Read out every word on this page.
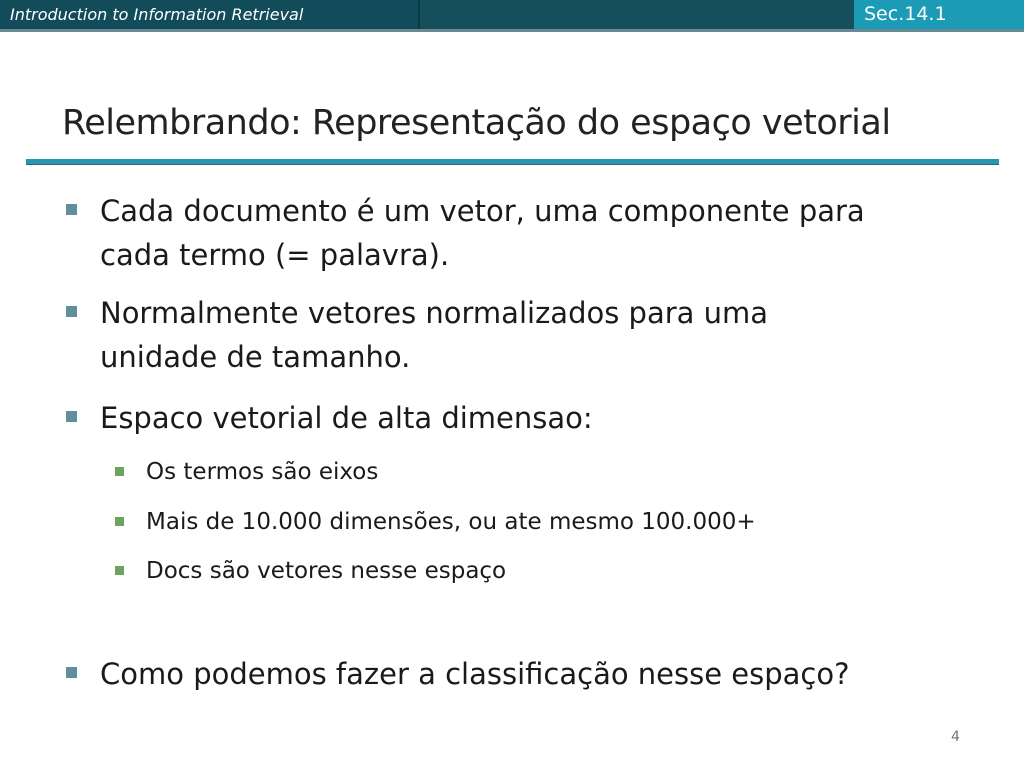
Introduction to Information Retrieval	Sec.14.1
Relembrando: Representação do espaço vetorial
Cada documento é um vetor, uma componente para
cada termo (= palavra).
Normalmente vetores normalizados para uma
unidade de tamanho.
Espaco vetorial de alta dimensao:
Os termos são eixos
Mais de 10.000 dimensões, ou ate mesmo 100.000+
Docs são vetores nesse espaço
Como podemos fazer a classificação nesse espaço?
4
